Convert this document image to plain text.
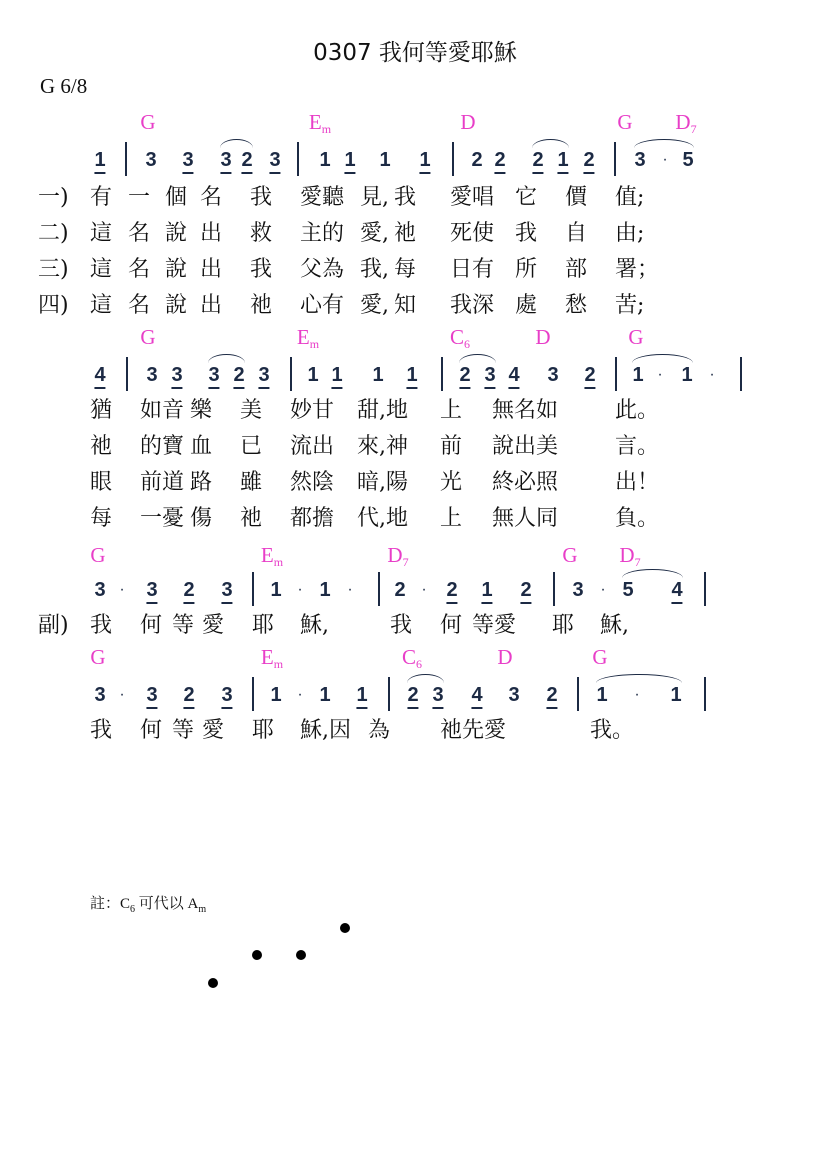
0307 我何等愛耶穌
G 6/8
G	$E_m$	D	G $D_7$
1 3 3 3 2 3 1 1 1 1 2 2 2 1 2 3 · 5
一) 有 一 個 名 我 愛聽 見, 我 愛唱 它 價 值;
二) 這 名 說 出 救 主的 愛, 祂 死使 我 自 由;
三) 這 名 說 出 我 父為 我, 每 日有 所 部 署；
四) 這 名 說 出 祂 心有 愛, 知 我深 處 愁 苦;
G	$E_m$	$C_6$	D	G
4 3 3 3 2 3 1 1 1 1 2 3 4 3 2 1 · 1 ·
猶 如音 樂 美 妙甘 甜,地 上 無名如	此。
祂 的寶 血 已 流出 來,神 前 說出美	言。
眼 前道 路 雖 然陰 暗,陽 光 終必照	出！
每 一憂 傷 祂 都擔 代,地 上 無人同	負。
G	$E_m$	$D_7$	G $D_7$
3 · 3 2 3 1 · 1 · 2 · 2 1 2 3 · 5 4
副) 我 何 等 愛 耶 穌,	我 何 等愛 耶 穌,
G	$E_m$	$C_6$	D	G
3 · 3 2 3 1 · 1 1 2 3 4 3 2 1 · 1
我 何 等 愛 耶 穌,因 為 祂先愛	我。
註：$C_6$ 可代以 $A_m$
